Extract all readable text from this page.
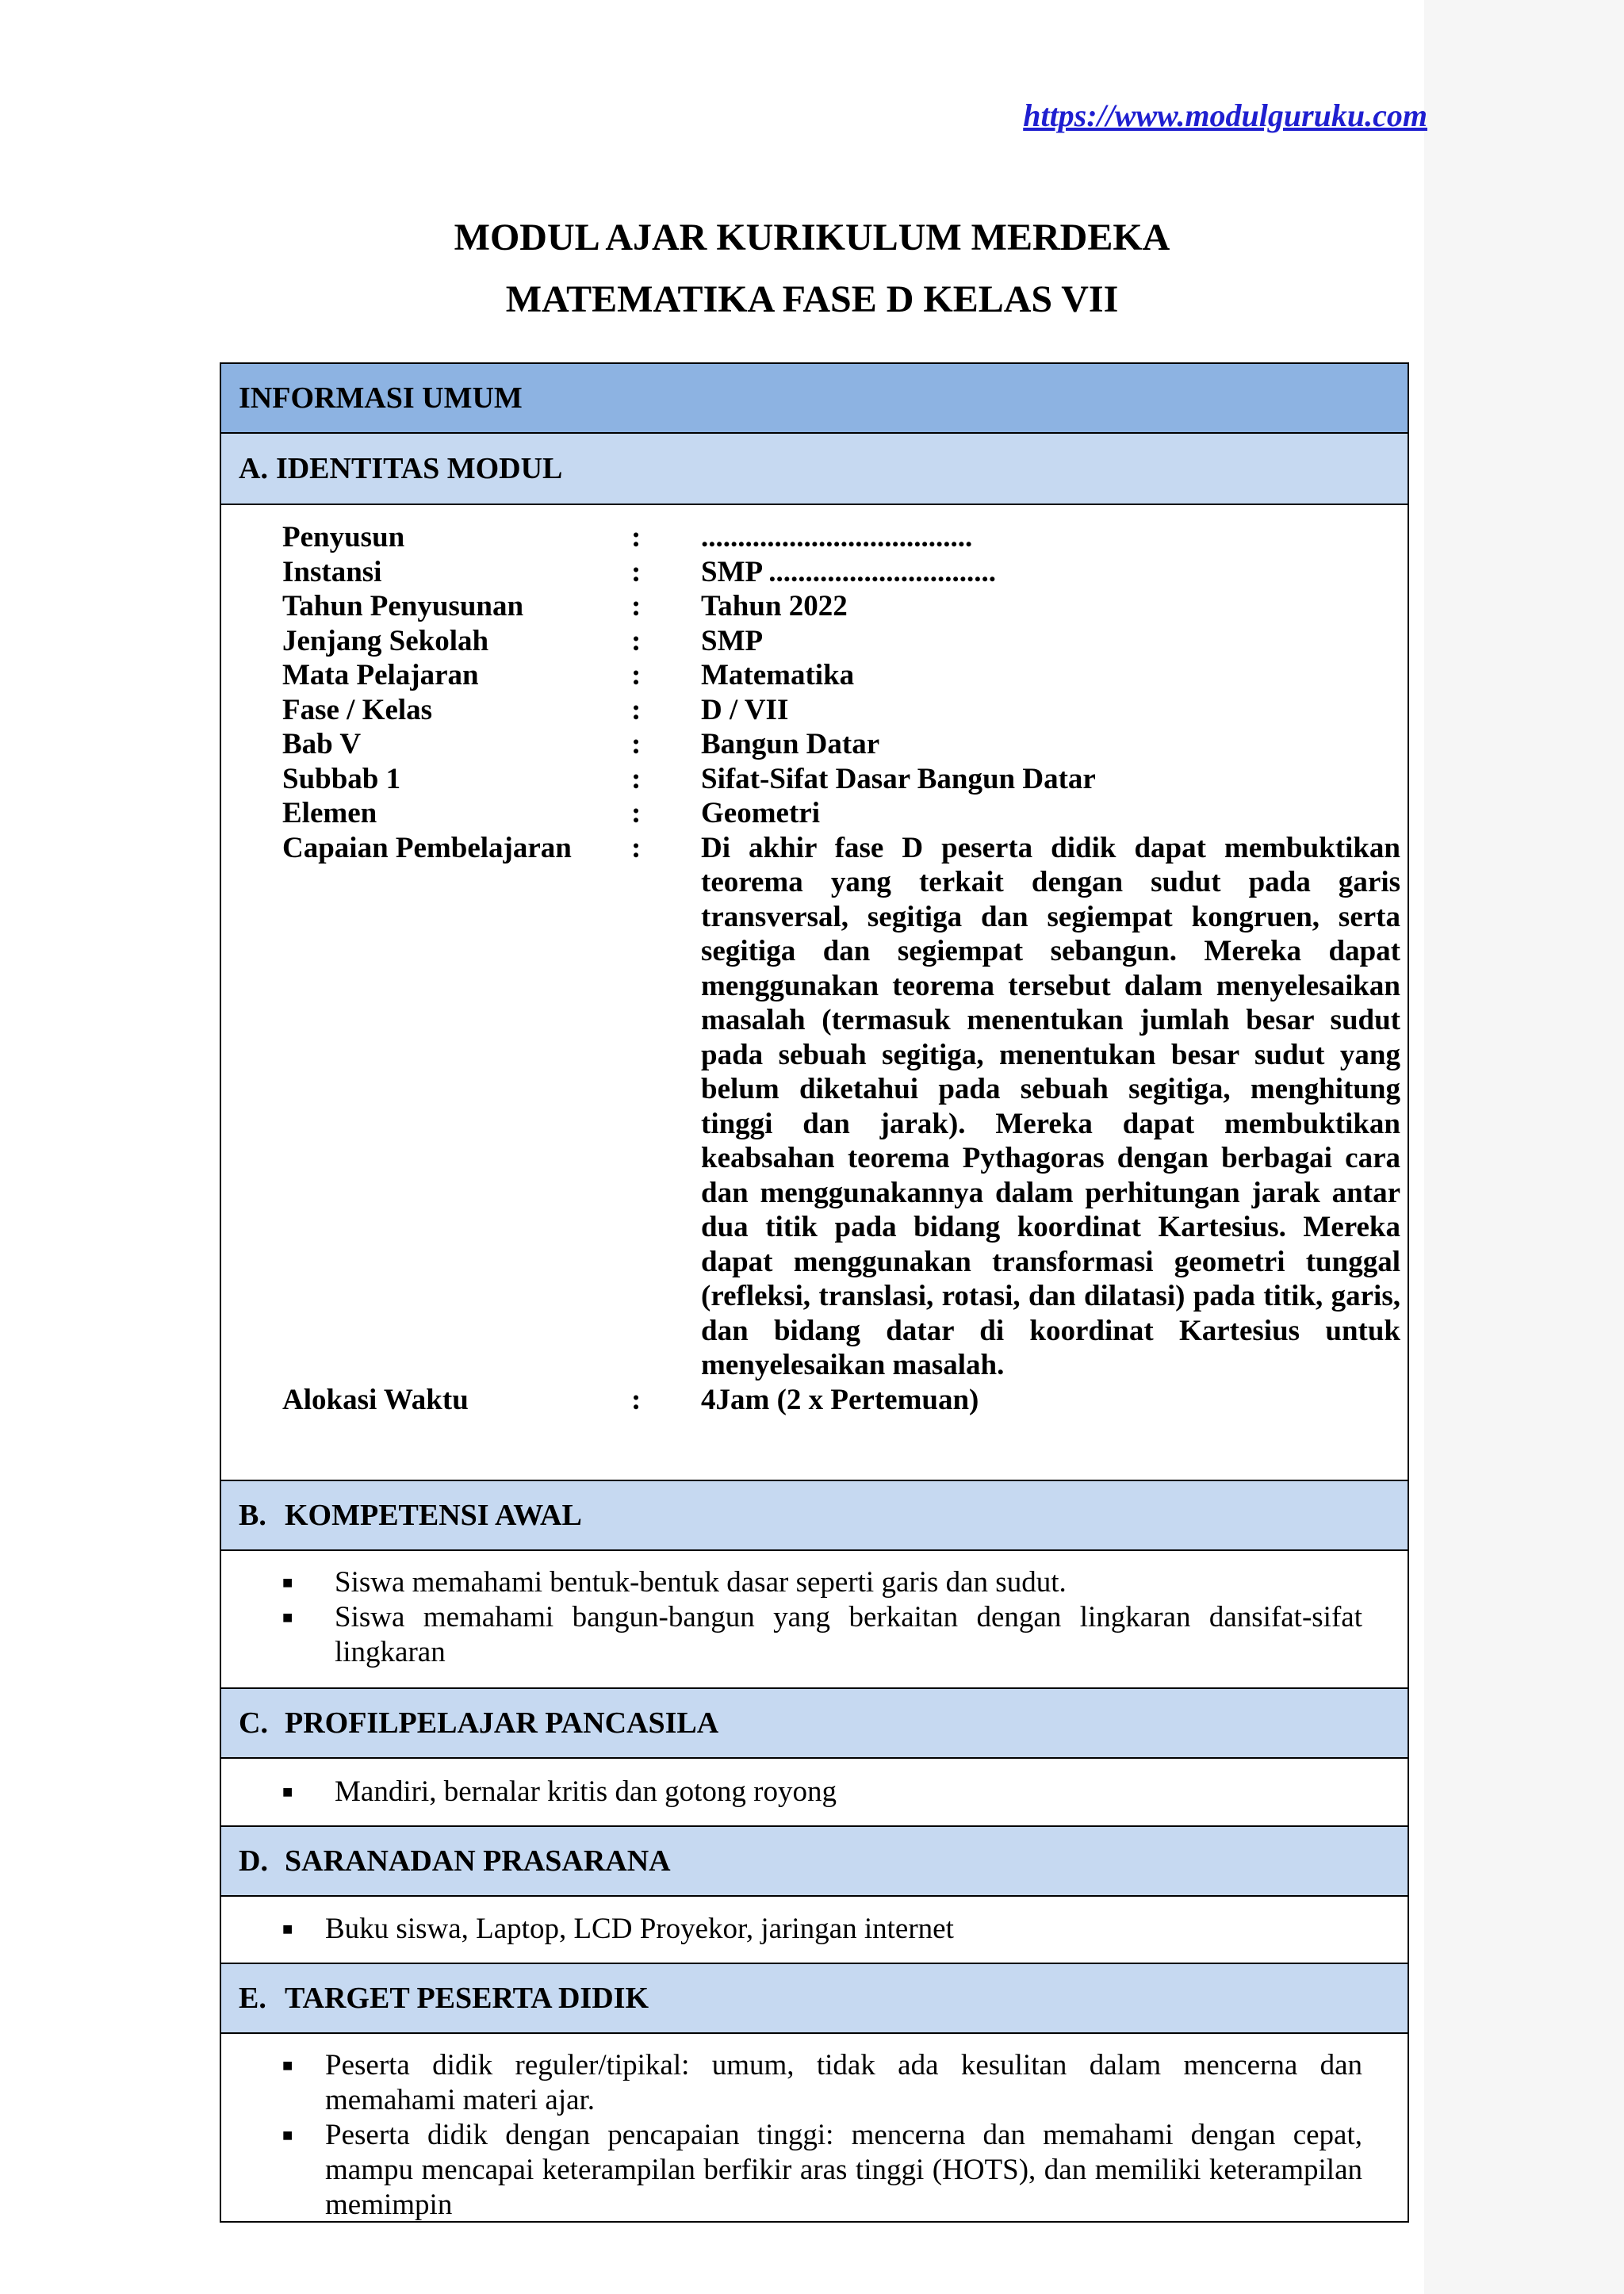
https://www.modulguruku.com
MODUL AJAR KURIKULUM MERDEKA
MATEMATIKA FASE D KELAS VII
INFORMASI UMUM
A. IDENTITAS MODUL
Penyusun	:	.....................................
Instansi	:	SMP ...............................
Tahun Penyusunan	:	Tahun 2022
Jenjang Sekolah	:	SMP
Mata Pelajaran	:	Matematika
Fase / Kelas	:	D / VII
Bab V	:	Bangun Datar
Subbab 1	:	Sifat-Sifat Dasar Bangun Datar
Elemen	:	Geometri
Capaian Pembelajaran	:	Di akhir fase D peserta didik dapat membuktikan teorema yang terkait dengan sudut pada garis transversal, segitiga dan segiempat kongruen, serta segitiga dan segiempat sebangun. Mereka dapat menggunakan teorema tersebut dalam menyelesaikan masalah (termasuk menentukan jumlah besar sudut pada sebuah segitiga, menentukan besar sudut yang belum diketahui pada sebuah segitiga, menghitung tinggi dan jarak). Mereka dapat membuktikan keabsahan teorema Pythagoras dengan berbagai cara dan menggunakannya dalam perhitungan jarak antar dua titik pada bidang koordinat Kartesius. Mereka dapat menggunakan transformasi geometri tunggal (refleksi, translasi, rotasi, dan dilatasi) pada titik, garis, dan bidang datar di koordinat Kartesius untuk menyelesaikan masalah.
Alokasi Waktu	:	4Jam (2 x Pertemuan)
B. KOMPETENSI AWAL
■	Siswa memahami bentuk-bentuk dasar seperti garis dan sudut.
■	Siswa memahami bangun-bangun yang berkaitan dengan lingkaran dansifat-sifat lingkaran
C. PROFILPELAJAR PANCASILA
■	Mandiri, bernalar kritis dan gotong royong
D. SARANADAN PRASARANA
■	Buku siswa, Laptop, LCD Proyekor, jaringan internet
E. TARGET PESERTA DIDIK
■	Peserta didik reguler/tipikal: umum, tidak ada kesulitan dalam mencerna dan memahami materi ajar.
■	Peserta didik dengan pencapaian tinggi: mencerna dan memahami dengan cepat, mampu mencapai keterampilan berfikir aras tinggi (HOTS), dan memiliki keterampilan memimpin
